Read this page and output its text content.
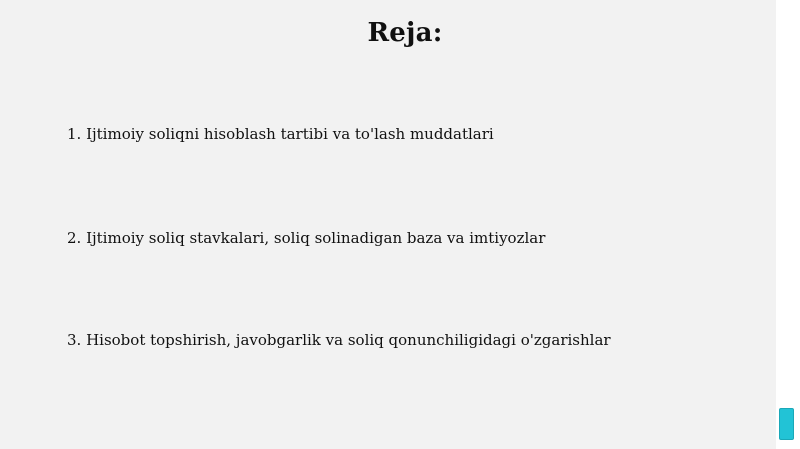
Reja:
1. Ijtimoiy soliqni hisoblash tartibi va to'lash muddatlari
2. Ijtimoiy soliq stavkalari, soliq solinadigan baza va imtiyozlar
3. Hisobot topshirish, javobgarlik va soliq qonunchiligidagi o'zgarishlar
